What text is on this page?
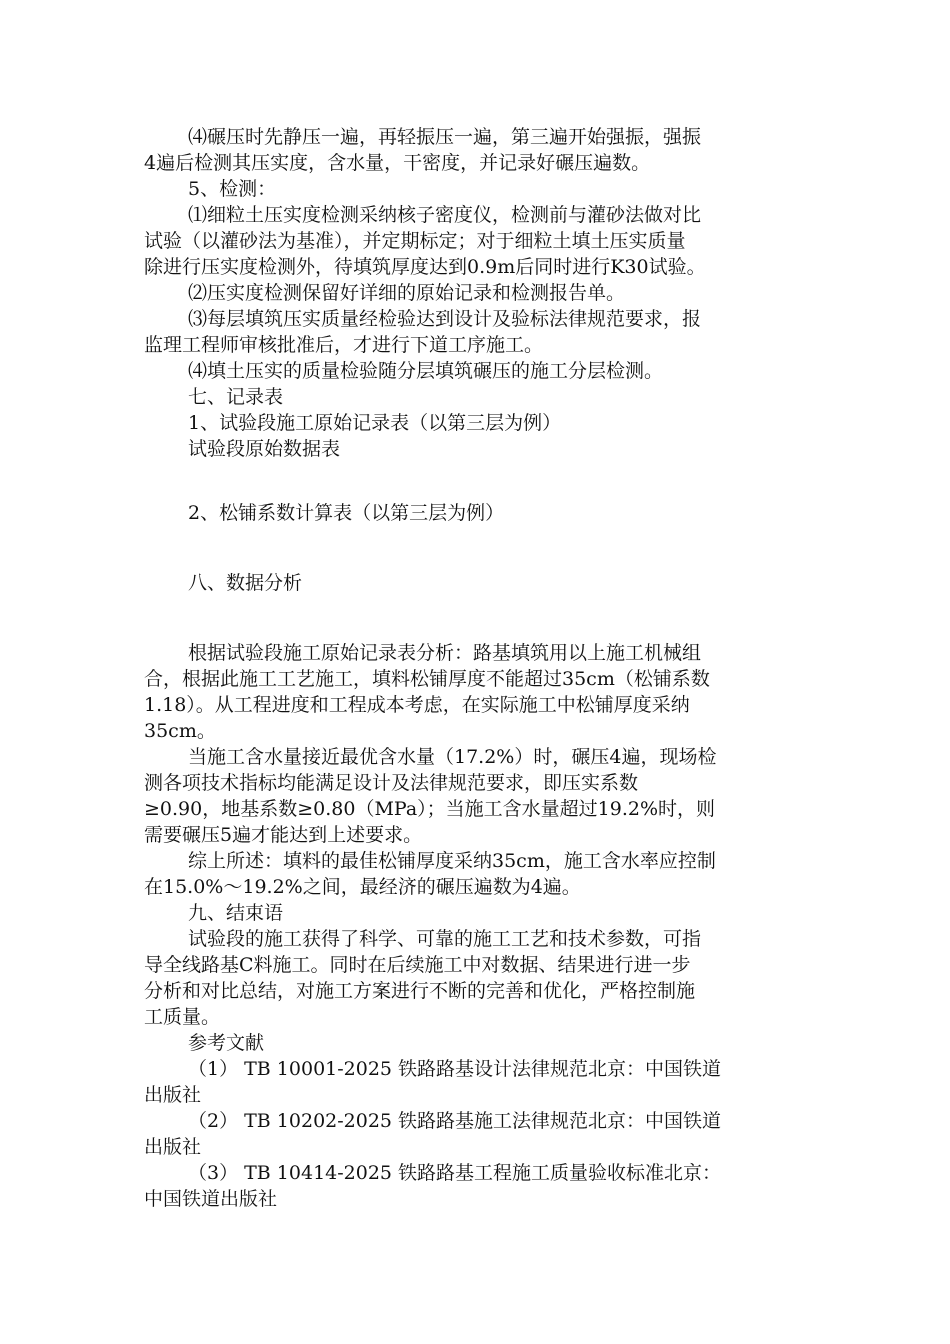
⑷碾压时先静压一遍，再轻振压一遍，第三遍开始强振，强振
4遍后检测其压实度，含水量，干密度，并记录好碾压遍数。
5、检测：
⑴细粒土压实度检测采纳核子密度仪，检测前与灌砂法做对比
试验（以灌砂法为基准），并定期标定；对于细粒土填土压实质量
除进行压实度检测外，待填筑厚度达到0.9m后同时进行K30试验。
⑵压实度检测保留好详细的原始记录和检测报告单。
⑶每层填筑压实质量经检验达到设计及验标法律规范要求，报
监理工程师审核批准后，才进行下道工序施工。
⑷填土压实的质量检验随分层填筑碾压的施工分层检测。
七、记录表
1、试验段施工原始记录表（以第三层为例）
试验段原始数据表
2、松铺系数计算表（以第三层为例）
八、数据分析
根据试验段施工原始记录表分析：路基填筑用以上施工机械组
合，根据此施工工艺施工，填料松铺厚度不能超过35cm（松铺系数
1.18）。从工程进度和工程成本考虑，在实际施工中松铺厚度采纳
35cm。
当施工含水量接近最优含水量（17.2%）时，碾压4遍，现场检
测各项技术指标均能满足设计及法律规范要求，即压实系数
≥0.90，地基系数≥0.80（MPa）；当施工含水量超过19.2%时，则
需要碾压5遍才能达到上述要求。
综上所述：填料的最佳松铺厚度采纳35cm，施工含水率应控制
在15.0%～19.2%之间，最经济的碾压遍数为4遍。
九、结束语
试验段的施工获得了科学、可靠的施工工艺和技术参数，可指
导全线路基C料施工。同时在后续施工中对数据、结果进行进一步
分析和对比总结，对施工方案进行不断的完善和优化，严格控制施
工质量。
参考文献
（1） TB 10001-2025 铁路路基设计法律规范北京：中国铁道
出版社
（2） TB 10202-2025 铁路路基施工法律规范北京：中国铁道
出版社
（3） TB 10414-2025 铁路路基工程施工质量验收标准北京：
中国铁道出版社
